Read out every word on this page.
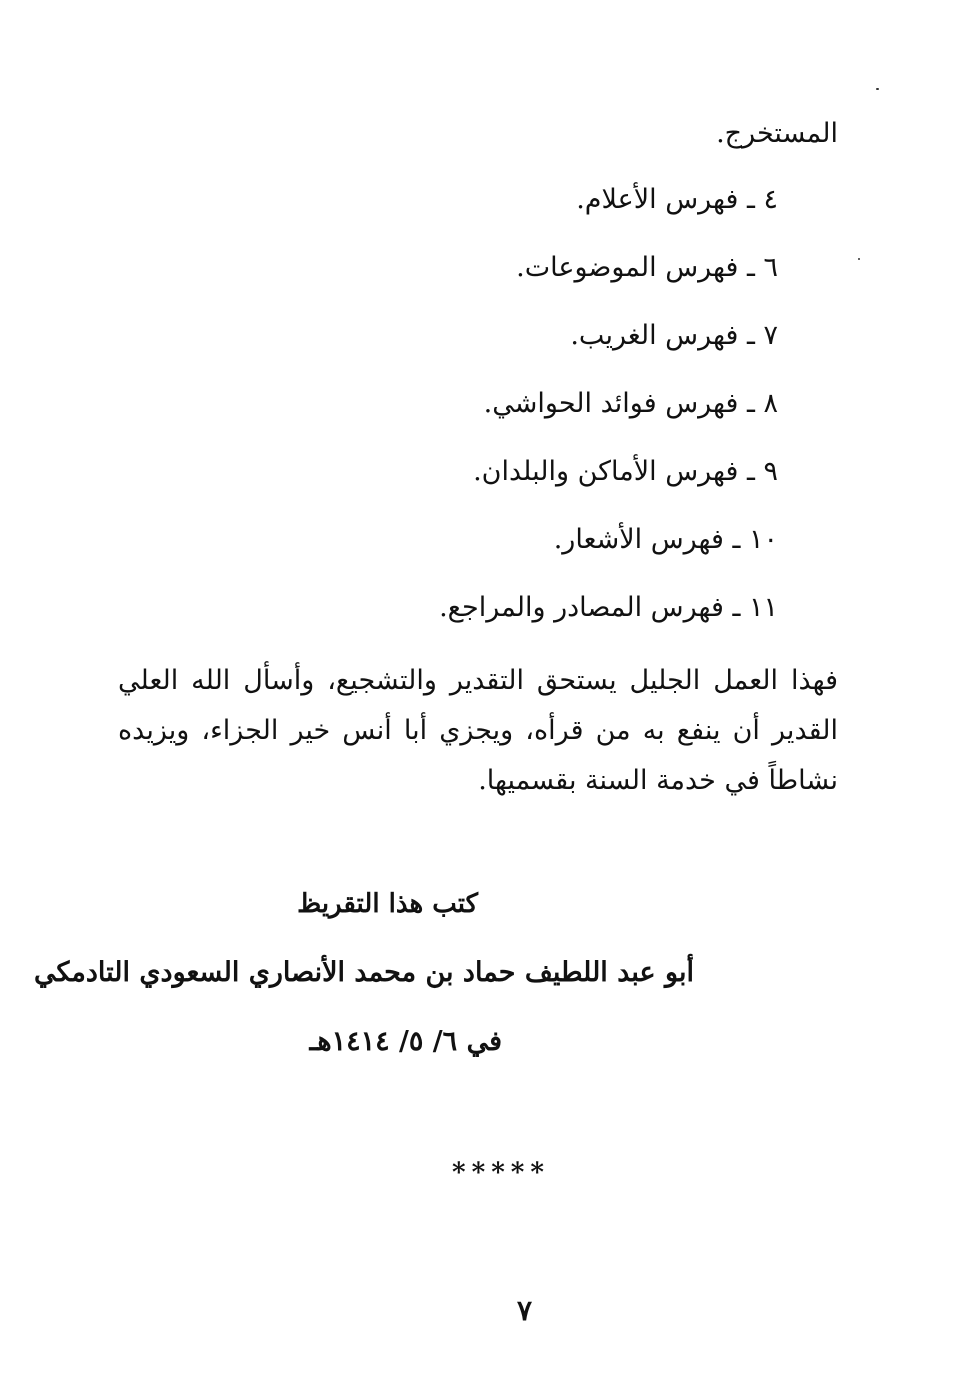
المستخرج.
٤ ـ فهرس الأعلام.
٦ ـ فهرس الموضوعات.
٧ ـ فهرس الغريب.
٨ ـ فهرس فوائد الحواشي.
٩ ـ فهرس الأماكن والبلدان.
١٠ ـ فهرس الأشعار.
١١ ـ فهرس المصادر والمراجع.
فهذا العمل الجليل يستحق التقدير والتشجيع، وأسأل الله العلي القدير أن ينفع به من قرأه، ويجزي أبا أنس خير الجزاء، ويزيده نشاطاً في خدمة السنة بقسميها.
كتب هذا التقريظ
أبو عبد اللطيف حماد بن محمد الأنصاري السعودي التادمكي
في ٦/ ٥/ ١٤١٤هـ
*****
٧
